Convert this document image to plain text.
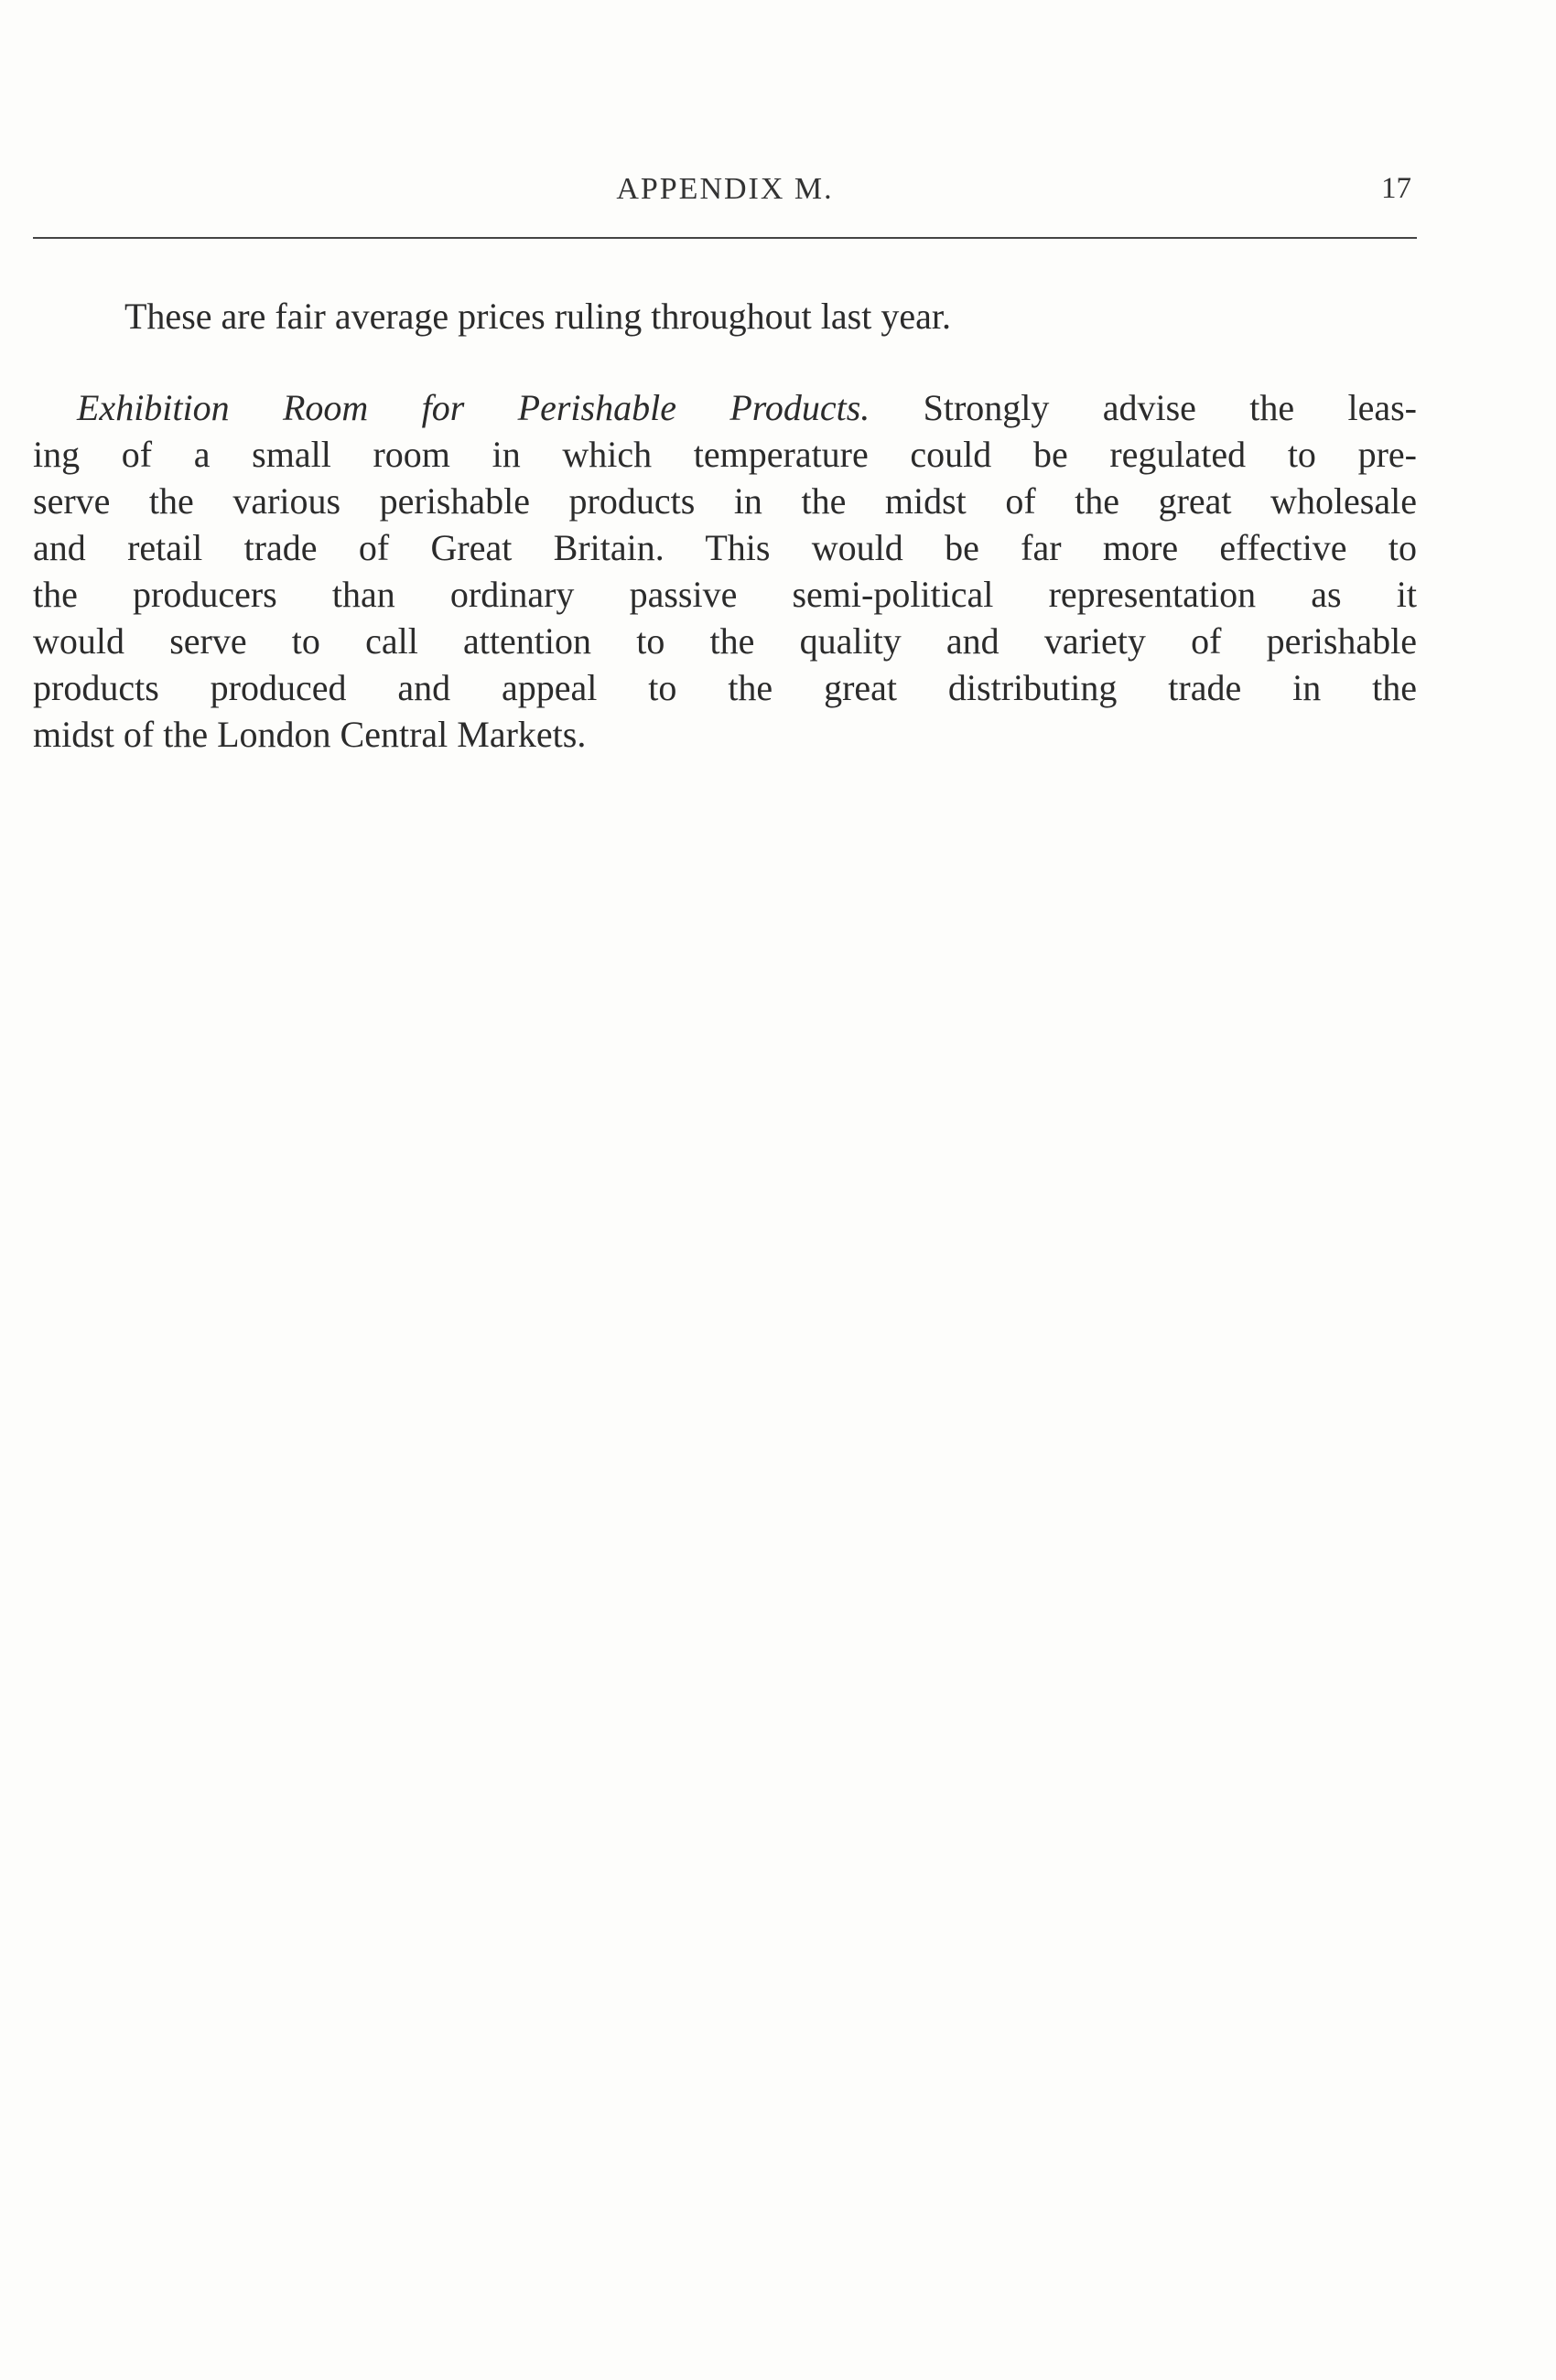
APPENDIX M.	17
These are fair average prices ruling throughout last year.
Exhibition Room for Perishable Products. Strongly advise the leas-
ing of a small room in which temperature could be regulated to pre-
serve the various perishable products in the midst of the great wholesale
and retail trade of Great Britain. This would be far more effective to
the producers than ordinary passive semi-political representation as it
would serve to call attention to the quality and variety of perishable
products produced and appeal to the great distributing trade in the
midst of the London Central Markets.
